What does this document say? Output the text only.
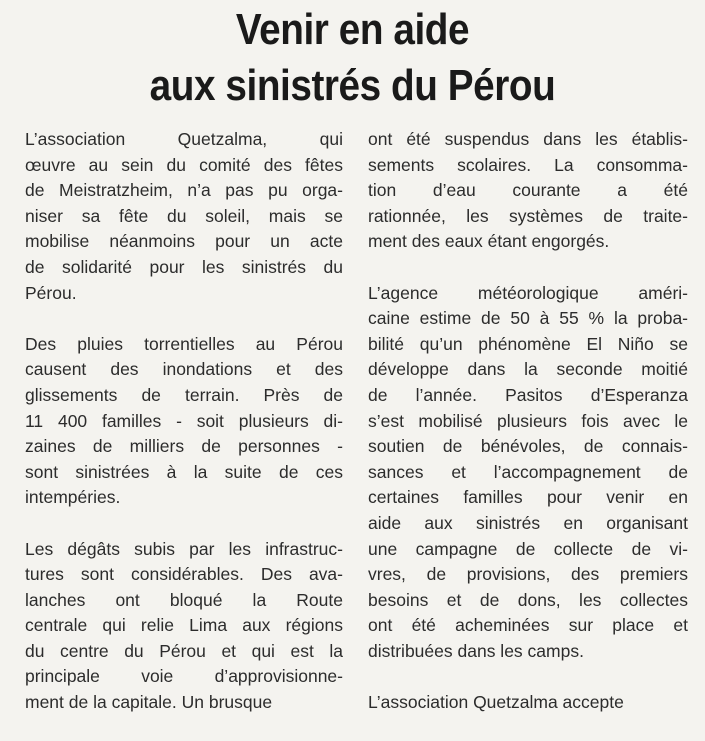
Venir en aide
aux sinistrés du Pérou
L’association Quetzalma, qui
œuvre au sein du comité des fêtes
de Meistratzheim, n’a pas pu orga-
niser sa fête du soleil, mais se
mobilise néanmoins pour un acte
de solidarité pour les sinistrés du
Pérou.
Des pluies torrentielles au Pérou
causent des inondations et des
glissements de terrain. Près de
11 400 familles - soit plusieurs di-
zaines de milliers de personnes -
sont sinistrées à la suite de ces
intempéries.
Les dégâts subis par les infrastruc-
tures sont considérables. Des ava-
lanches ont bloqué la Route
centrale qui relie Lima aux régions
du centre du Pérou et qui est la
principale voie d’approvisionne-
ment de la capitale. Un brusque
ont été suspendus dans les établis-
sements scolaires. La consomma-
tion d’eau courante a été
rationnée, les systèmes de traite-
ment des eaux étant engorgés.
L’agence météorologique améri-
caine estime de 50 à 55 % la proba-
bilité qu’un phénomène El Niño se
développe dans la seconde moitié
de l’année. Pasitos d’Esperanza
s’est mobilisé plusieurs fois avec le
soutien de bénévoles, de connais-
sances et l’accompagnement de
certaines familles pour venir en
aide aux sinistrés en organisant
une campagne de collecte de vi-
vres, de provisions, des premiers
besoins et de dons, les collectes
ont été acheminées sur place et
distribuées dans les camps.
L’association Quetzalma accepte
